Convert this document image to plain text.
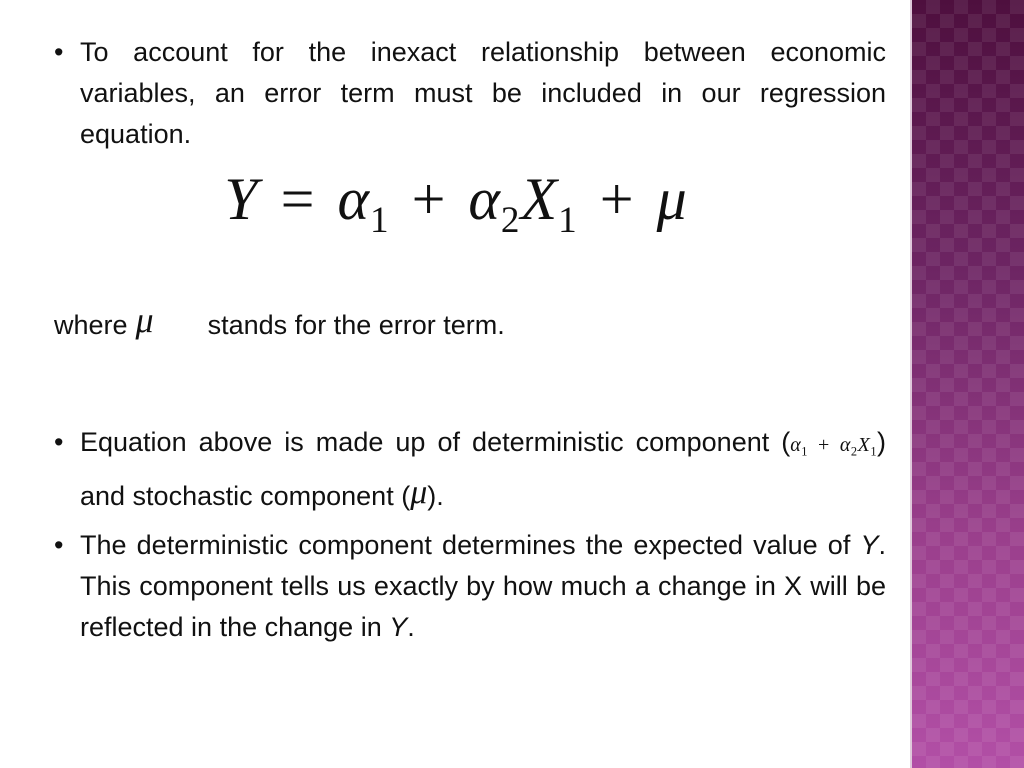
• To account for the inexact relationship between economic variables, an error term must be included in our regression equation.
$Y = \alpha_1 + \alpha_2X_1 + \mu$
where μ stands for the error term.
• Equation above is made up of deterministic component $(\alpha_1 + \alpha_2X_1)$ and stochastic component (μ).
• The deterministic component determines the expected value of Y. This component tells us exactly by how much a change in X will be reflected in the change in Y.
